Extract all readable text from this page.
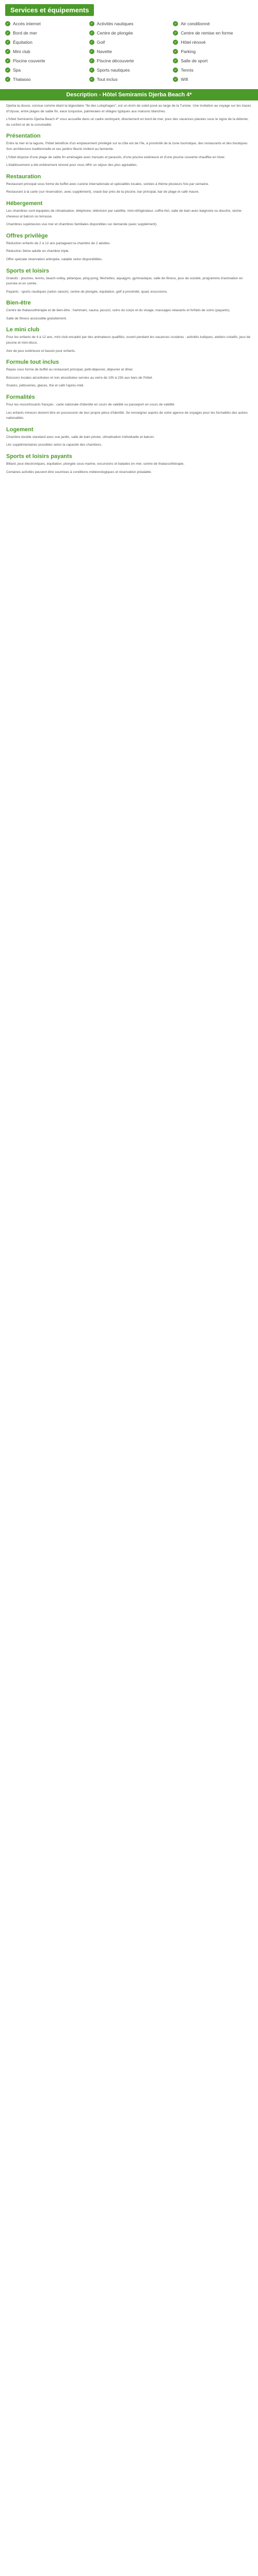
Services et équipements
✓ Accès internet	✓ Activités nautiques	✓ Air conditionné
✓ Bord de mer	✓ Centre de plongée	✓ Centre de remise en forme
✓ Équitation	✓ Golf	✓ Hôtel rénové
✓ Mini club	✓ Navette	✓ Parking
✓ Piscine couverte	✓ Piscine découverte	✓ Salle de sport
✓ Spa	✓ Sports nautiques	✓ Tennis
✓ Thalasso	✓ Tout inclus	✓ Wifi
Description - Hôtel Semiramis Djerba Beach 4*

Djerba la douce, connue comme étant la légendaire "île des Lotophages", est un écrin de soleil posé au large de la Tunisie. Une invitation au voyage sur les traces d'Ulysse, entre plages de sable fin, eaux turquoise, palmeraies et villages typiques aux maisons blanches.

L'hôtel Semiramis Djerba Beach 4* vous accueille dans un cadre verdoyant, directement en bord de mer, pour des vacances placées sous le signe de la détente, du confort et de la convivialité.

Présentation

Entre la mer et la lagune, l'hôtel bénéficie d'un emplacement privilégié sur la côte est de l'île, à proximité de la zone touristique, des restaurants et des boutiques. Son architecture traditionnelle et ses jardins fleuris invitent au farniente.

L'hôtel dispose d'une plage de sable fin aménagée avec transats et parasols, d'une piscine extérieure et d'une piscine couverte chauffée en hiver.

L'établissement a été entièrement rénové pour vous offrir un séjour des plus agréables.

Restauration

Restaurant principal sous forme de buffet avec cuisine internationale et spécialités locales, soirées à thème plusieurs fois par semaine.

Restaurant à la carte (sur réservation, avec supplément), snack-bar près de la piscine, bar principal, bar de plage et café maure.

Hébergement

Les chambres sont équipées de climatisation, téléphone, télévision par satellite, mini-réfrigérateur, coffre-fort, salle de bain avec baignoire ou douche, sèche-cheveux et balcon ou terrasse.

Chambres supérieures vue mer et chambres familiales disponibles sur demande (avec supplément).

Offres privilège

Réduction enfants de 2 à 12 ans partageant la chambre de 2 adultes.

Réduction 3ème adulte en chambre triple.

Offre spéciale réservation anticipée, valable selon disponibilités.

Sports et loisirs

Gratuits : piscines, tennis, beach-volley, pétanque, ping-pong, fléchettes, aquagym, gymnastique, salle de fitness, jeux de société, programme d'animation en journée et en soirée.

Payants : sports nautiques (selon saison), centre de plongée, équitation, golf à proximité, quad, excursions.

Bien-être

Centre de thalassothérapie et de bien-être : hammam, sauna, jacuzzi, soins du corps et du visage, massages relaxants et forfaits de soins (payants).

Salle de fitness accessible gratuitement.

Le mini club

Pour les enfants de 4 à 12 ans, mini club encadré par des animateurs qualifiés, ouvert pendant les vacances scolaires : activités ludiques, ateliers créatifs, jeux de piscine et mini-disco.

Aire de jeux extérieure et bassin pour enfants.

Formule tout inclus

Repas sous forme de buffet au restaurant principal, petit-déjeuner, déjeuner et dîner.

Boissons locales alcoolisées et non alcoolisées servies au verre de 10h à 23h aux bars de l'hôtel.

Snacks, pâtisseries, glaces, thé et café l'après-midi.

Formalités

Pour les ressortissants français : carte nationale d'identité en cours de validité ou passeport en cours de validité.

Les enfants mineurs doivent être en possession de leur propre pièce d'identité. Se renseigner auprès de votre agence de voyages pour les formalités des autres nationalités.

Logement

Chambre double standard avec vue jardin, salle de bain privée, climatisation individuelle et balcon.

Lits supplémentaires possibles selon la capacité des chambres.

Sports et loisirs payants

Billard, jeux électroniques, équitation, plongée sous-marine, excursions et balades en mer, centre de thalassothérapie.

Certaines activités peuvent être soumises à conditions météorologiques et réservation préalable.
